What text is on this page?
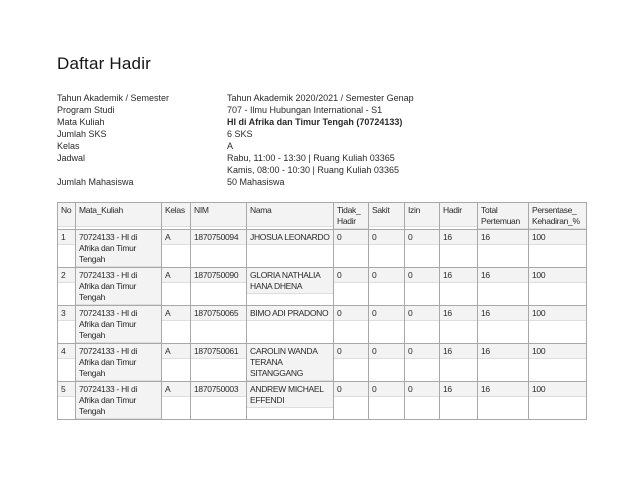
Daftar Hadir
Tahun Akademik / Semester	Tahun Akademik 2020/2021 / Semester Genap
Program Studi	707 - Ilmu Hubungan International - S1
Mata Kuliah	HI di Afrika dan Timur Tengah (70724133)
Jumlah SKS	6 SKS
Kelas	A
Jadwal	Rabu, 11:00 - 13:30 | Ruang Kuliah 03365
Kamis, 08:00 - 10:30 | Ruang Kuliah 03365
Jumlah Mahasiswa	50 Mahasiswa
No	Mata_Kuliah	Kelas	NIM	Nama	Tidak_ Hadir	Sakit	Izin	Hadir	Total Pertemuan	Persentase_ Kehadiran_%

1	70724133 - HI di Afrika dan Timur Tengah	A	1870750094	JHOSUA LEONARDO	0	0	0	16	16	100

2	70724133 - HI di Afrika dan Timur Tengah	A	1870750090	GLORIA NATHALIA HANA DHENA	0	0	0	16	16	100

3	70724133 - HI di Afrika dan Timur Tengah	A	1870750065	BIMO ADI PRADONO	0	0	0	16	16	100

4	70724133 - HI di Afrika dan Timur Tengah	A	1870750061	CAROLIN WANDA TERANA SITANGGANG	0	0	0	16	16	100

5	70724133 - HI di Afrika dan Timur Tengah	A	1870750003	ANDREW MICHAEL EFFENDI	0	0	0	16	16	100
